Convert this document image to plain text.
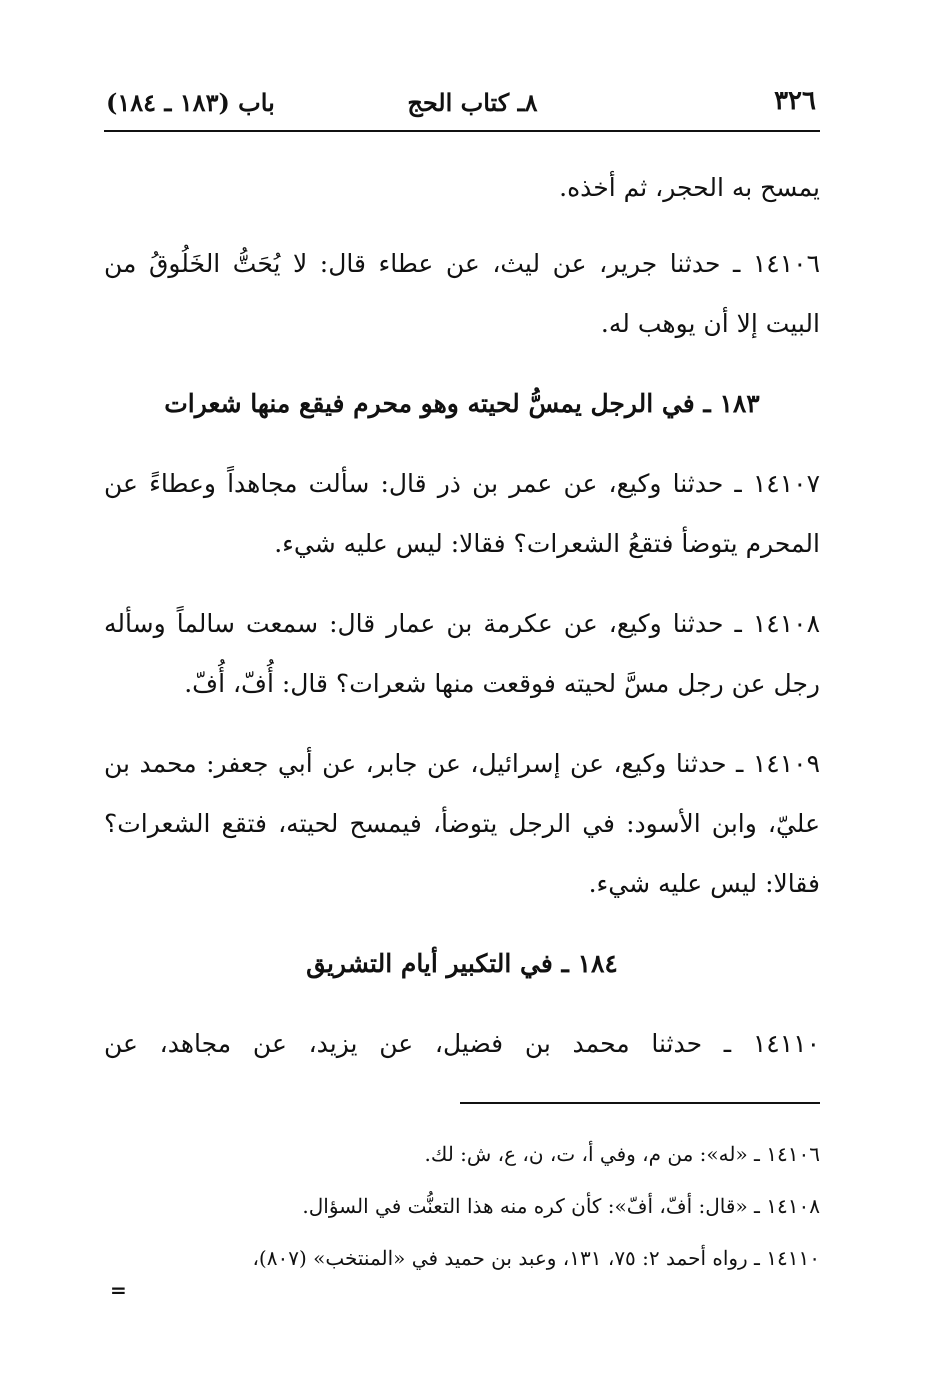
٣٢٦
٨ـ كتاب الحج
باب (١٨٣ ـ ١٨٤)

يمسح به الحجر، ثم أخذه.

١٤١٠٦ ـ حدثنا جرير، عن ليث، عن عطاء قال: لا يُحَتُّ الخَلُوقُ من البيت إلا أن يوهب له.

١٨٣ ـ في الرجل يمسُّ لحيته وهو محرم فيقع منها شعرات

١٤١٠٧ ـ حدثنا وكيع، عن عمر بن ذر قال: سألت مجاهداً وعطاءً عن المحرم يتوضأ فتقعُ الشعرات؟ فقالا: ليس عليه شيء.

١٤١٠٨ ـ حدثنا وكيع، عن عكرمة بن عمار قال: سمعت سالماً وسأله رجل عن رجل مسَّ لحيته فوقعت منها شعرات؟ قال: أُفّ، أُفّ.

١٤١٠٩ ـ حدثنا وكيع، عن إسرائيل، عن جابر، عن أبي جعفر: محمد بن عليّ، وابن الأسود: في الرجل يتوضأ، فيمسح لحيته، فتقع الشعرات؟ فقالا: ليس عليه شيء.

١٨٤ ـ في التكبير أيام التشريق

١٤١١٠ ـ حدثنا محمد بن فضيل، عن يزيد، عن مجاهد، عن

١٤١٠٦ ـ «له»: من م، وفي أ، ت، ن، ع، ش: لك.

١٤١٠٨ ـ «قال: أفّ، أفّ»: كأن كره منه هذا التعنُّت في السؤال.

١٤١١٠ ـ رواه أحمد ٢: ٧٥، ١٣١، وعبد بن حميد في «المنتخب» (٨٠٧)،

=
